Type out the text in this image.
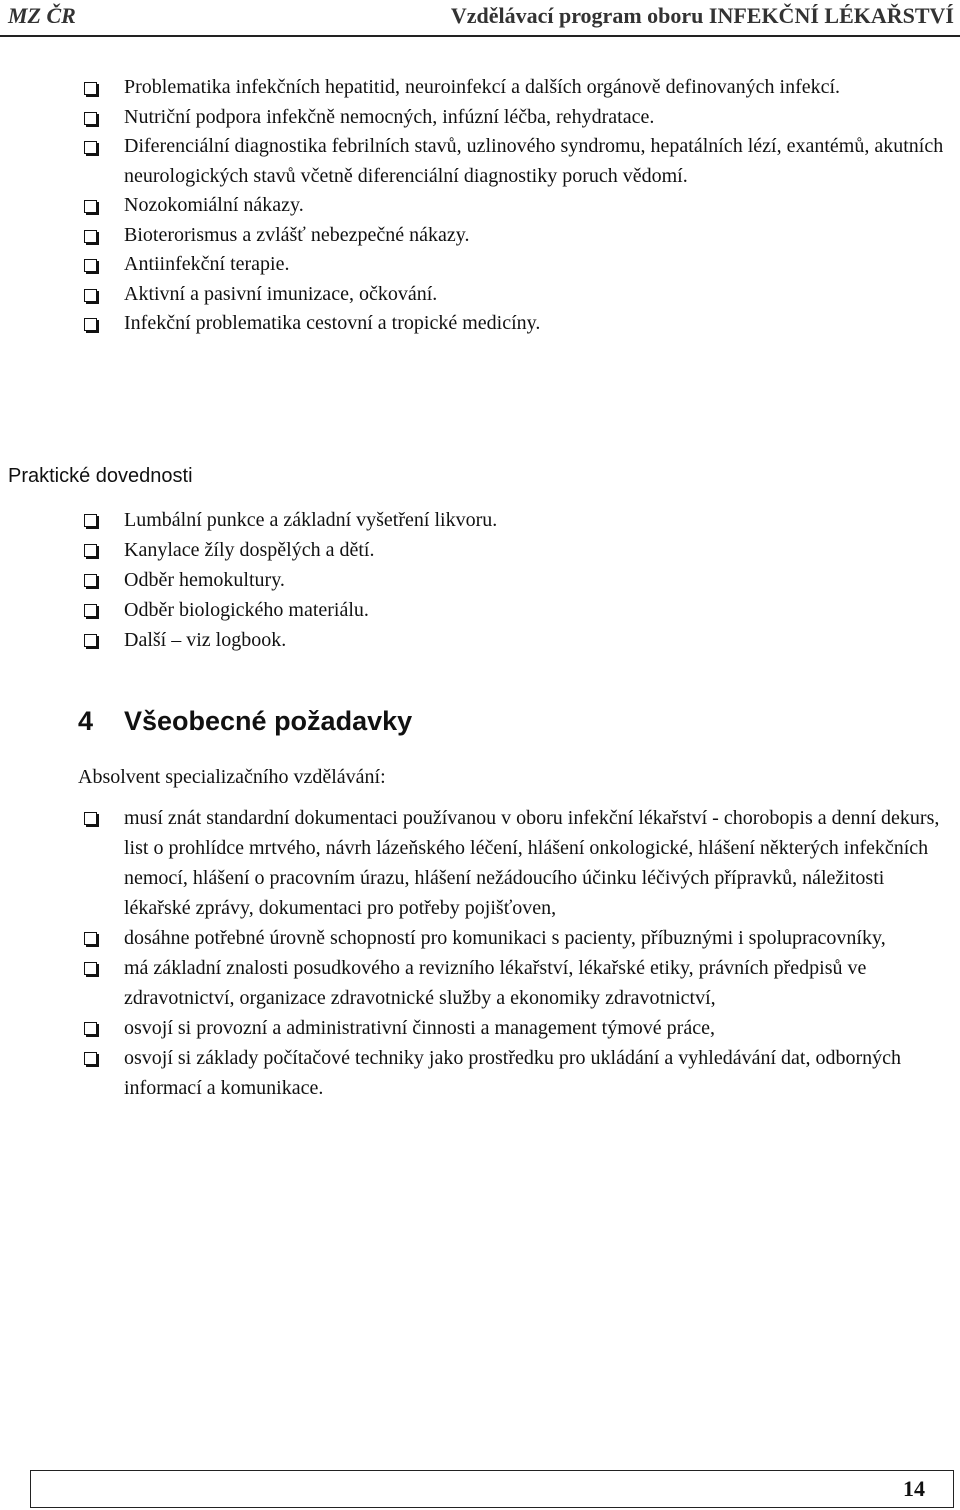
MZ ČR	Vzdělávací program oboru INFEKČNÍ LÉKAŘSTVÍ
Problematika infekčních hepatitid, neuroinfekcí a dalších orgánově definovaných infekcí.
Nutriční podpora infekčně nemocných, infúzní léčba, rehydratace.
Diferenciální diagnostika febrilních stavů, uzlinového syndromu, hepatálních lézí, exantémů, akutních neurologických stavů včetně diferenciální diagnostiky poruch vědomí.
Nozokomiální nákazy.
Bioterorismus a zvlášť nebezpečné nákazy.
Antiinfekční terapie.
Aktivní a pasivní imunizace, očkování.
Infekční problematika cestovní a tropické medicíny.
Praktické dovednosti
Lumbální punkce a základní vyšetření likvoru.
Kanylace žíly dospělých a dětí.
Odběr hemokultury.
Odběr biologického materiálu.
Další – viz logbook.
4 Všeobecné požadavky
Absolvent specializačního vzdělávání:
musí znát standardní dokumentaci používanou v oboru infekční lékařství - chorobopis a denní dekurs, list o prohlídce mrtvého, návrh lázeňského léčení, hlášení onkologické, hlášení některých infekčních nemocí, hlášení o pracovním úrazu, hlášení nežádoucího účinku léčivých přípravků, náležitosti lékařské zprávy, dokumentaci pro potřeby pojišťoven,
dosáhne potřebné úrovně schopností pro komunikaci s pacienty, příbuznými i spolupracovníky,
má základní znalosti posudkového a revizního lékařství, lékařské etiky, právních předpisů ve zdravotnictví, organizace zdravotnické služby a ekonomiky zdravotnictví,
osvojí si provozní a administrativní činnosti a management týmové práce,
osvojí si základy počítačové techniky jako prostředku pro ukládání a vyhledávání dat, odborných informací a komunikace.
14
